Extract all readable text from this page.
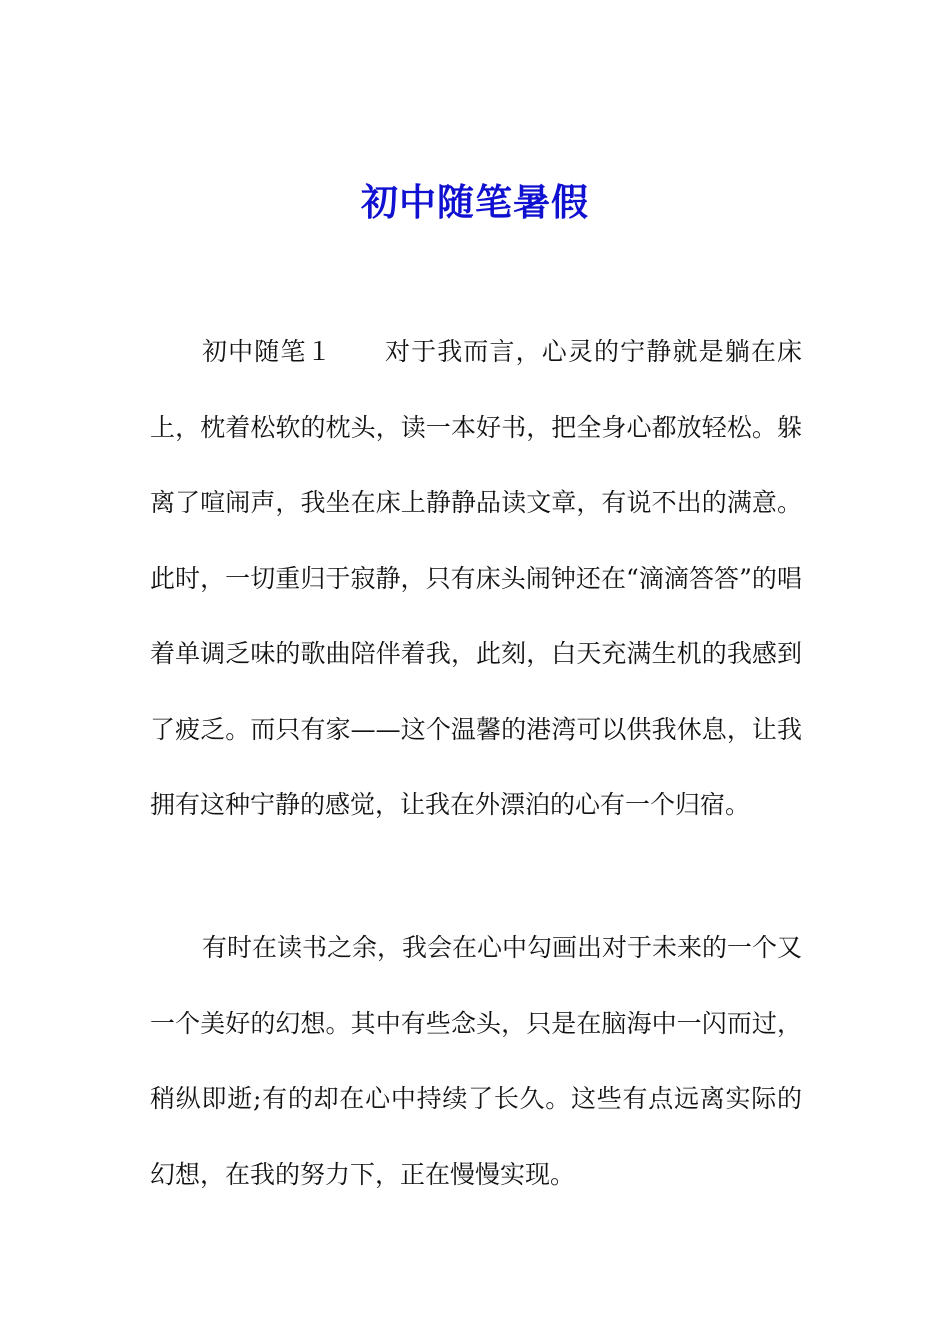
初中随笔暑假

初中随笔１　　对于我而言，心灵的宁静就是躺在床上，枕着松软的枕头，读一本好书，把全身心都放轻松。躲离了喧闹声，我坐在床上静静品读文章，有说不出的满意。此时，一切重归于寂静，只有床头闹钟还在“滴滴答答”的唱着单调乏味的歌曲陪伴着我，此刻，白天充满生机的我感到了疲乏。而只有家——这个温馨的港湾可以供我休息，让我拥有这种宁静的感觉，让我在外漂泊的心有一个归宿。

有时在读书之余，我会在心中勾画出对于未来的一个又一个美好的幻想。其中有些念头，只是在脑海中一闪而过，稍纵即逝;有的却在心中持续了长久。这些有点远离实际的幻想，在我的努力下，正在慢慢实现。
